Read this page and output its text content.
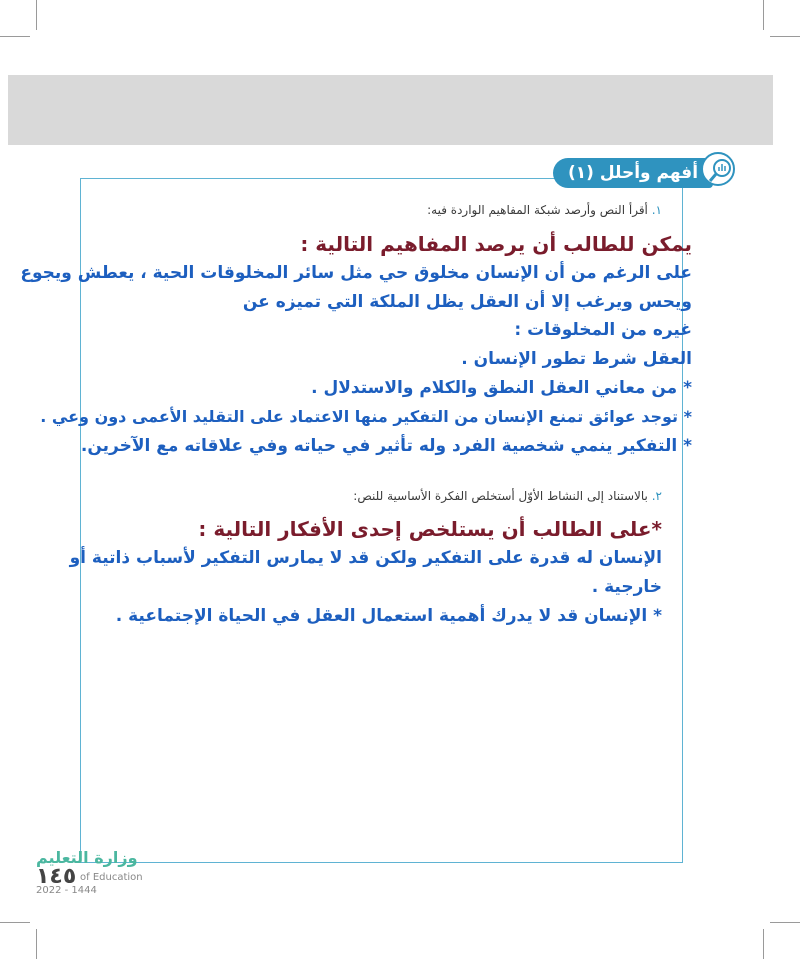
أفهم وأحلل (١)
١. أقرأ النص وأرصد شبكة المفاهيم الواردة فيه:
يمكن للطالب أن يرصد المفاهيم التالية :
على الرغم من أن الإنسان مخلوق حي مثل سائر المخلوقات الحية ، يعطش ويجوع
ويحس ويرغب إلا أن العقل يظل الملكة التي تميزه عن
غيره من المخلوقات :
العقل شرط تطور الإنسان .
* من معاني العقل النطق والكلام والاستدلال .
* توجد عوائق تمنع الإنسان من التفكير منها الاعتماد على التقليد الأعمى دون وعي .
* التفكير ينمي شخصية الفرد وله تأثير في حياته وفي علاقاته مع الآخرين.
٢. بالاستناد إلى النشاط الأوّل أستخلص الفكرة الأساسية للنص:
*على الطالب أن يستلخص إحدى الأفكار التالية :
الإنسان له قدرة على التفكير ولكن قد لا يمارس التفكير لأسباب ذاتية أو
خارجية .
* الإنسان قد لا يدرك أهمية استعمال العقل في الحياة الإجتماعية .
وزارة التعليم
١٤٥ of Education
2022 - 1444
